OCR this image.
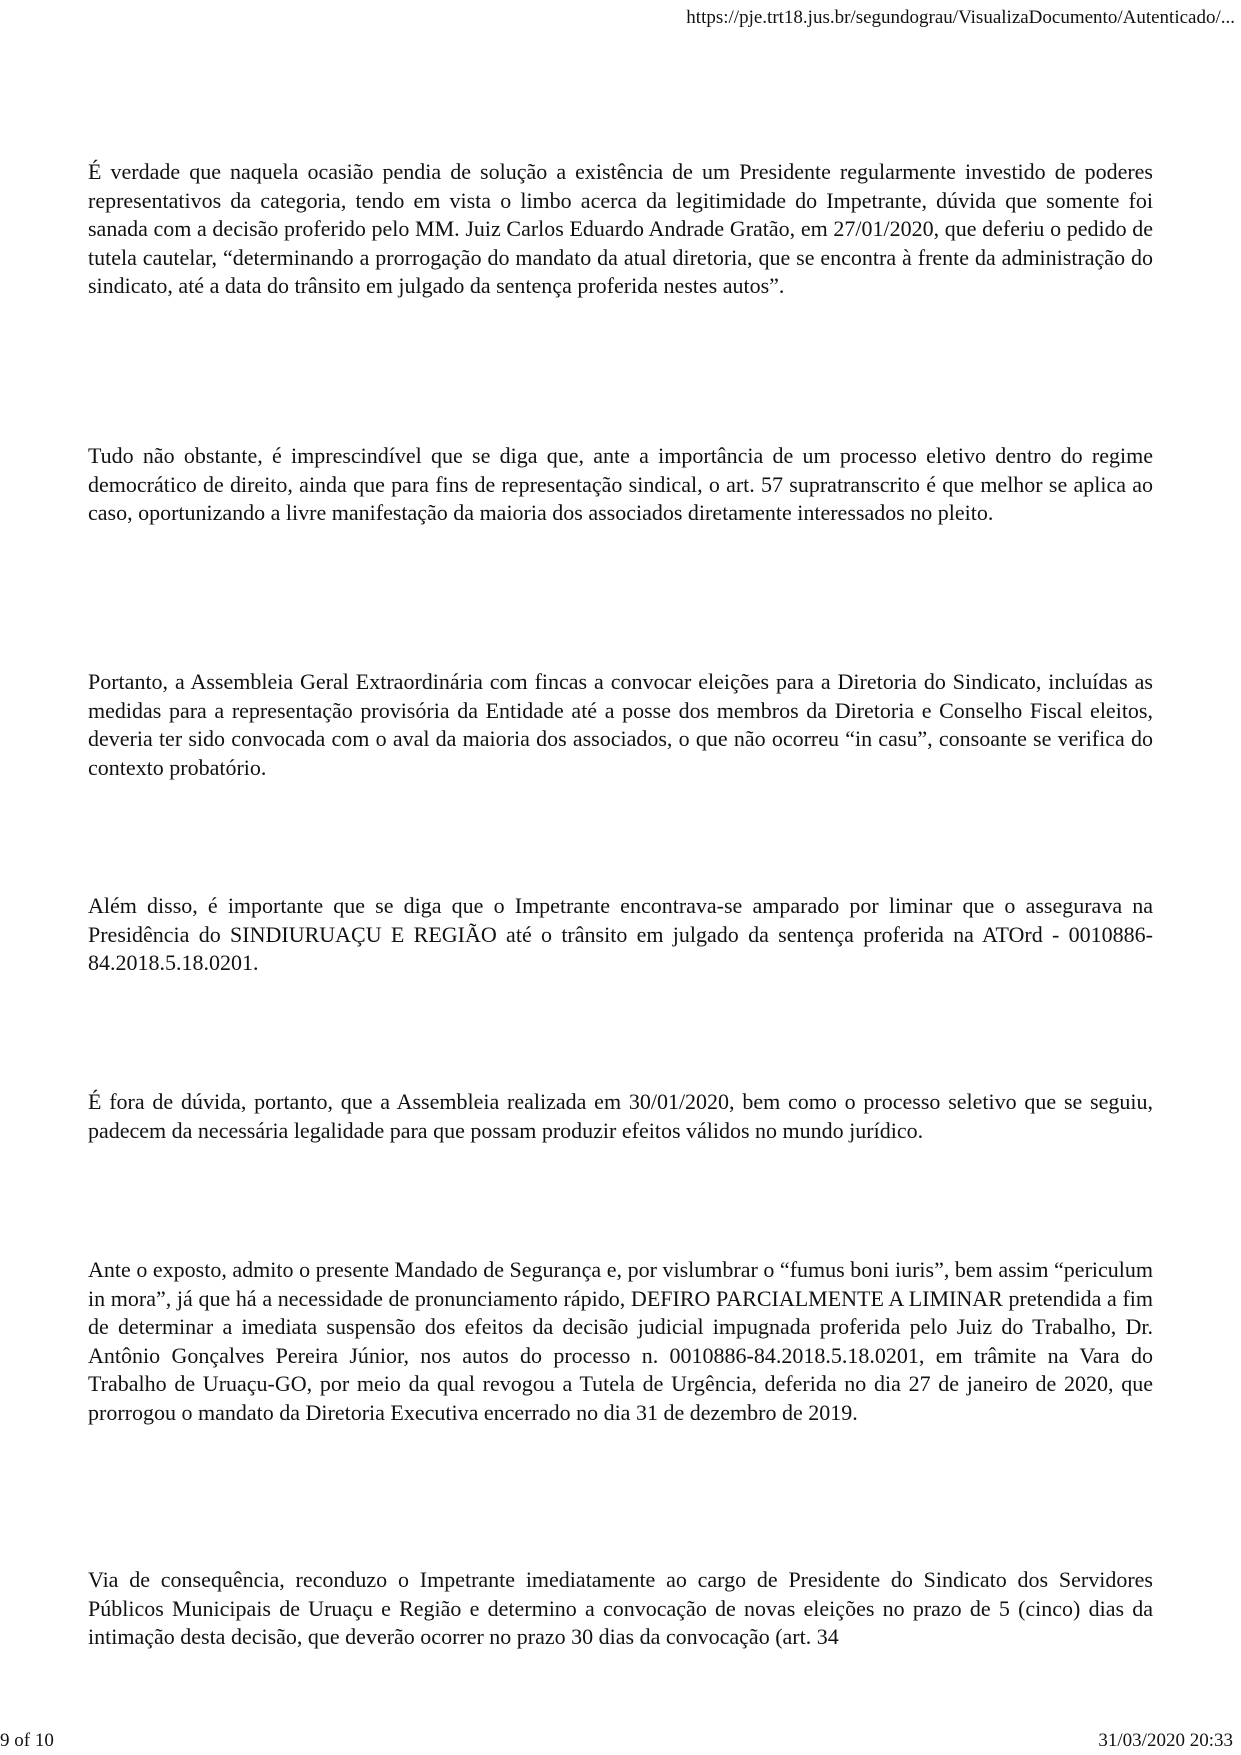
https://pje.trt18.jus.br/segundograu/VisualizaDocumento/Autenticado/...

É verdade que naquela ocasião pendia de solução a existência de um Presidente regularmente investido de poderes representativos da categoria, tendo em vista o limbo acerca da legitimidade do Impetrante, dúvida que somente foi sanada com a decisão proferido pelo MM. Juiz Carlos Eduardo Andrade Gratão, em 27/01/2020, que deferiu o pedido de tutela cautelar, “determinando a prorrogação do mandato da atual diretoria, que se encontra à frente da administração do sindicato, até a data do trânsito em julgado da sentença proferida nestes autos”.

Tudo não obstante, é imprescindível que se diga que, ante a importância de um processo eletivo dentro do regime democrático de direito, ainda que para fins de representação sindical, o art. 57 supratranscrito é que melhor se aplica ao caso, oportunizando a livre manifestação da maioria dos associados diretamente interessados no pleito.

Portanto, a Assembleia Geral Extraordinária com fincas a convocar eleições para a Diretoria do Sindicato, incluídas as medidas para a representação provisória da Entidade até a posse dos membros da Diretoria e Conselho Fiscal eleitos, deveria ter sido convocada com o aval da maioria dos associados, o que não ocorreu “in casu”, consoante se verifica do contexto probatório.

Além disso, é importante que se diga que o Impetrante encontrava-se amparado por liminar que o assegurava na Presidência do SINDIURUAÇU E REGIÃO até o trânsito em julgado da sentença proferida na ATOrd - 0010886-84.2018.5.18.0201.

É fora de dúvida, portanto, que a Assembleia realizada em 30/01/2020, bem como o processo seletivo que se seguiu, padecem da necessária legalidade para que possam produzir efeitos válidos no mundo jurídico.

Ante o exposto, admito o presente Mandado de Segurança e, por vislumbrar o “fumus boni iuris”, bem assim “periculum in mora”, já que há a necessidade de pronunciamento rápido, DEFIRO PARCIALMENTE A LIMINAR pretendida a fim de determinar a imediata suspensão dos efeitos da decisão judicial impugnada proferida pelo Juiz do Trabalho, Dr. Antônio Gonçalves Pereira Júnior, nos autos do processo n. 0010886-84.2018.5.18.0201, em trâmite na Vara do Trabalho de Uruaçu-GO, por meio da qual revogou a Tutela de Urgência, deferida no dia 27 de janeiro de 2020, que prorrogou o mandato da Diretoria Executiva encerrado no dia 31 de dezembro de 2019.

Via de consequência, reconduzo o Impetrante imediatamente ao cargo de Presidente do Sindicato dos Servidores Públicos Municipais de Uruaçu e Região e determino a convocação de novas eleições no prazo de 5 (cinco) dias da intimação desta decisão, que deverão ocorrer no prazo 30 dias da convocação (art. 34

9 of 10	31/03/2020 20:33
